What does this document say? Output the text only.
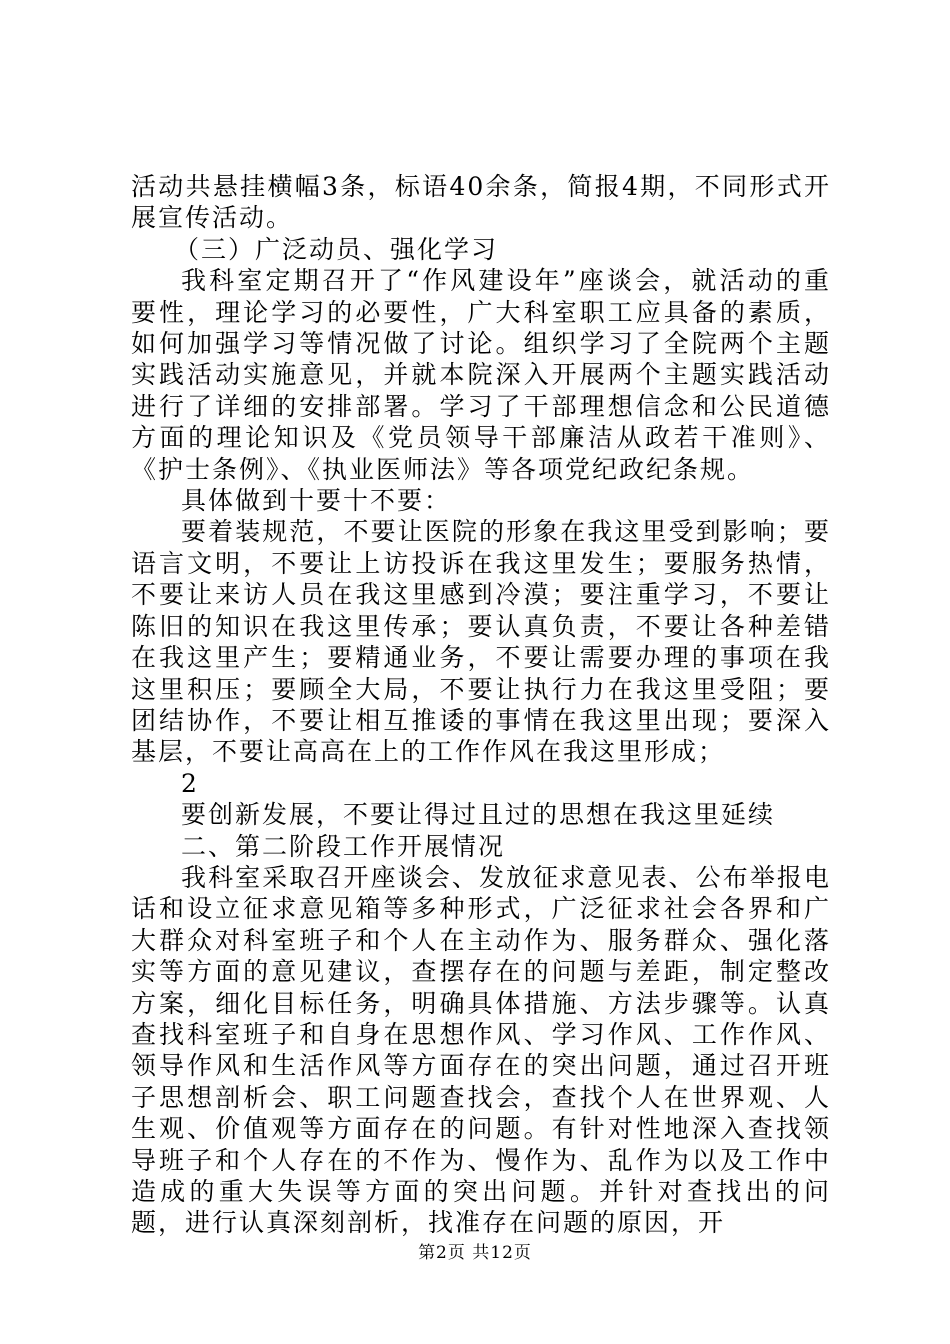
活动共悬挂横幅3条，标语40余条，简报4期，不同形式开展宣传活动。

（三）广泛动员、强化学习

我科室定期召开了“作风建设年”座谈会，就活动的重要性，理论学习的必要性，广大科室职工应具备的素质，如何加强学习等情况做了讨论。组织学习了全院两个主题实践活动实施意见，并就本院深入开展两个主题实践活动进行了详细的安排部署。学习了干部理想信念和公民道德方面的理论知识及《党员领导干部廉洁从政若干准则》、《护士条例》、《执业医师法》等各项党纪政纪条规。

具体做到十要十不要：

要着装规范，不要让医院的形象在我这里受到影响；要语言文明，不要让上访投诉在我这里发生；要服务热情，不要让来访人员在我这里感到冷漠；要注重学习，不要让陈旧的知识在我这里传承；要认真负责，不要让各种差错在我这里产生；要精通业务，不要让需要办理的事项在我这里积压；要顾全大局，不要让执行力在我这里受阻；要团结协作，不要让相互推诿的事情在我这里出现；要深入基层，不要让高高在上的工作作风在我这里形成；

2

要创新发展，不要让得过且过的思想在我这里延续

二、第二阶段工作开展情况

我科室采取召开座谈会、发放征求意见表、公布举报电话和设立征求意见箱等多种形式，广泛征求社会各界和广大群众对科室班子和个人在主动作为、服务群众、强化落实等方面的意见建议，查摆存在的问题与差距，制定整改方案，细化目标任务，明确具体措施、方法步骤等。认真查找科室班子和自身在思想作风、学习作风、工作作风、领导作风和生活作风等方面存在的突出问题，通过召开班子思想剖析会、职工问题查找会，查找个人在世界观、人生观、价值观等方面存在的问题。有针对性地深入查找领导班子和个人存在的不作为、慢作为、乱作为以及工作中造成的重大失误等方面的突出问题。并针对查找出的问题，进行认真深刻剖析，找准存在问题的原因，开

第2页 共12页
